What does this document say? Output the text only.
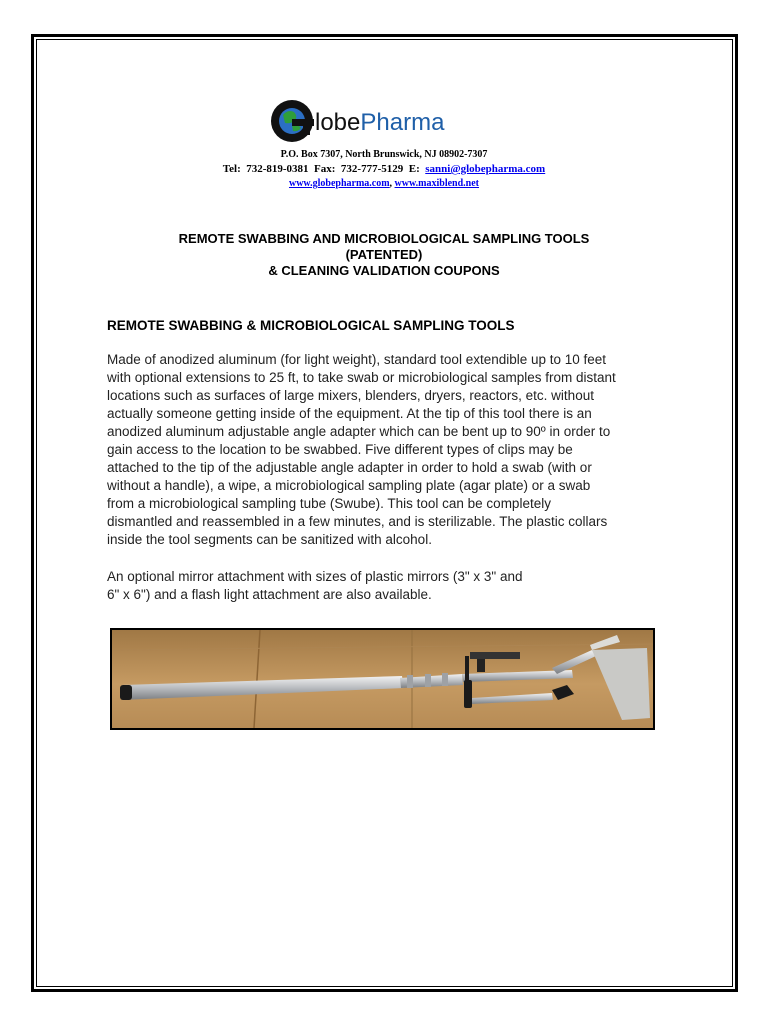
lobePharma
P.O. Box 7307, North Brunswick, NJ 08902-7307
Tel:  732-819-0381  Fax:  732-777-5129  E:  sanni@globepharma.com
www.globepharma.com, www.maxiblend.net
REMOTE SWABBING AND MICROBIOLOGICAL SAMPLING TOOLS
(PATENTED)
& CLEANING VALIDATION COUPONS
REMOTE SWABBING & MICROBIOLOGICAL SAMPLING TOOLS
Made of anodized aluminum (for light weight), standard tool extendible up to 10 feet
with optional extensions to 25 ft, to take swab or microbiological samples from distant
locations such as surfaces of large mixers, blenders, dryers, reactors, etc. without
actually someone getting inside of the equipment. At the tip of this tool there is an
anodized aluminum adjustable angle adapter which can be bent up to 90º in order to
gain access to the location to be swabbed. Five different types of clips may be
attached to the tip of the adjustable angle adapter in order to hold a swab (with or
without a handle), a wipe, a microbiological sampling plate (agar plate) or a swab
from a microbiological sampling tube (Swube). This tool can be completely
dismantled and reassembled in a few minutes, and is sterilizable. The plastic collars
inside the tool segments can be sanitized with alcohol.
An optional mirror attachment with sizes of plastic mirrors (3" x 3" and
6" x 6") and a flash light attachment are also available.
